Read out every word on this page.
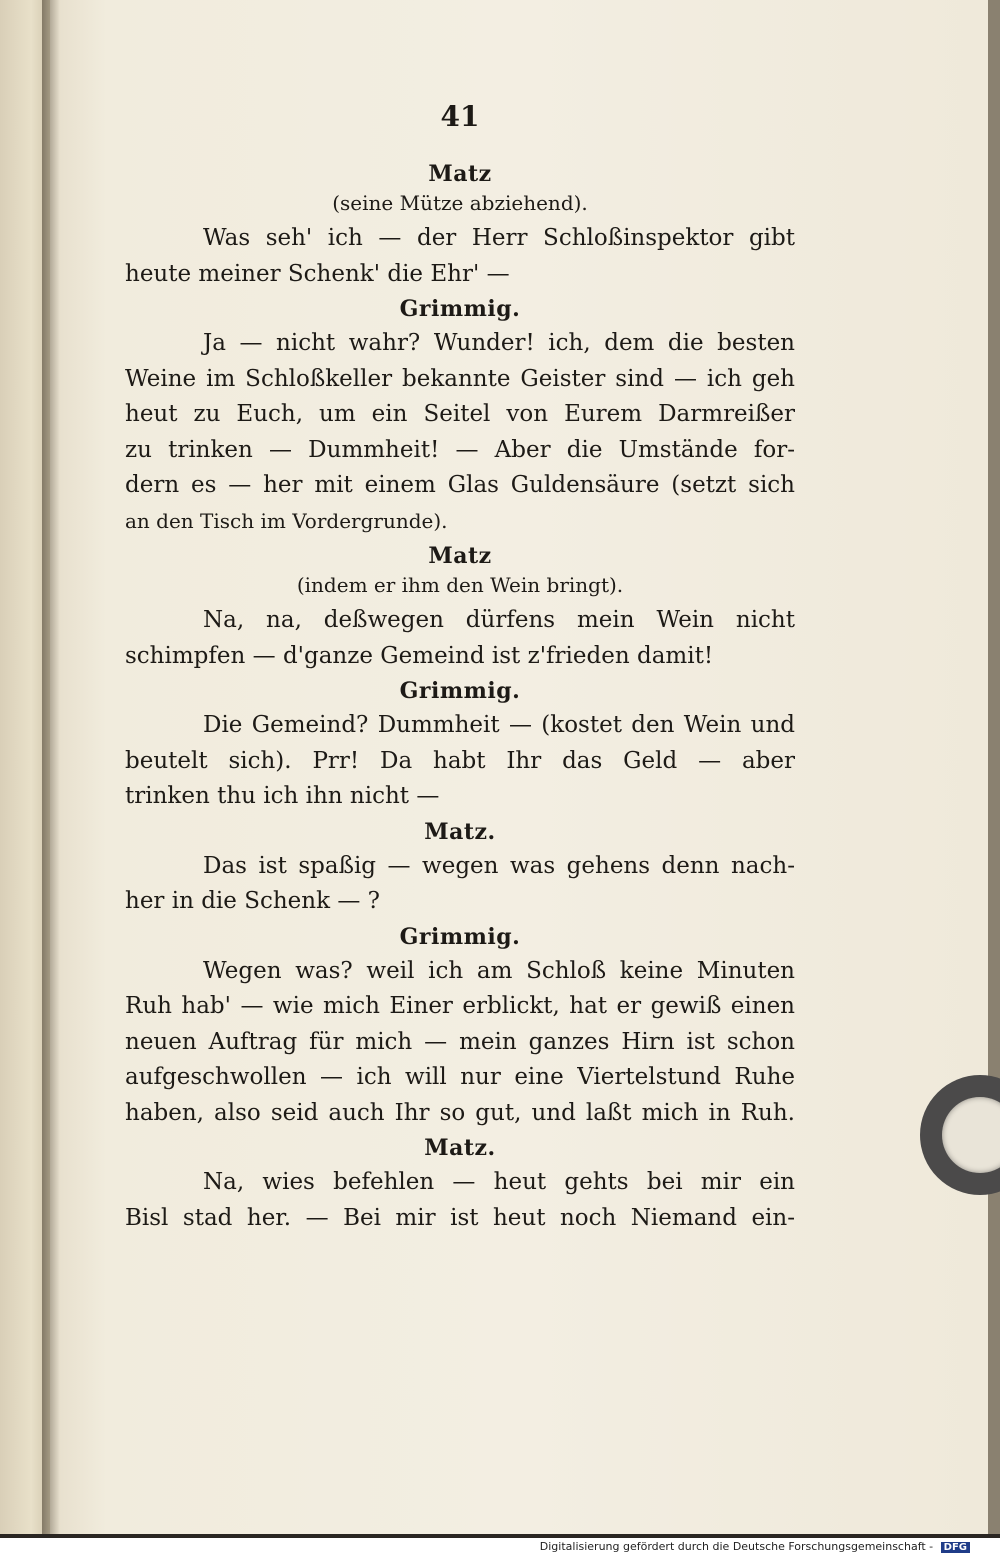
41
Matz
(seine Mütze abziehend).
Was seh' ich — der Herr Schloßinspektor gibt
heute meiner Schenk' die Ehr' —
Grimmig.
Ja — nicht wahr? Wunder! ich, dem die besten
Weine im Schloßkeller bekannte Geister sind — ich geh
heut zu Euch, um ein Seitel von Eurem Darmreißer
zu trinken — Dummheit! — Aber die Umstände for-
dern es — her mit einem Glas Guldensäure (setzt sich
an den Tisch im Vordergrunde).
Matz
(indem er ihm den Wein bringt).
Na, na, deßwegen dürfens mein Wein nicht
schimpfen — d'ganze Gemeind ist z'frieden damit!
Grimmig.
Die Gemeind? Dummheit — (kostet den Wein und
beutelt sich). Prr! Da habt Ihr das Geld — aber
trinken thu ich ihn nicht —
Matz.
Das ist spaßig — wegen was gehens denn nach-
her in die Schenk — ?
Grimmig.
Wegen was? weil ich am Schloß keine Minuten
Ruh hab' — wie mich Einer erblickt, hat er gewiß einen
neuen Auftrag für mich — mein ganzes Hirn ist schon
aufgeschwollen — ich will nur eine Viertelstund Ruhe
haben, also seid auch Ihr so gut, und laßt mich in Ruh.
Matz.
Na, wies befehlen — heut gehts bei mir ein
Bisl stad her. — Bei mir ist heut noch Niemand ein-
Digitalisierung gefördert durch die Deutsche Forschungsgemeinschaft - DFG
